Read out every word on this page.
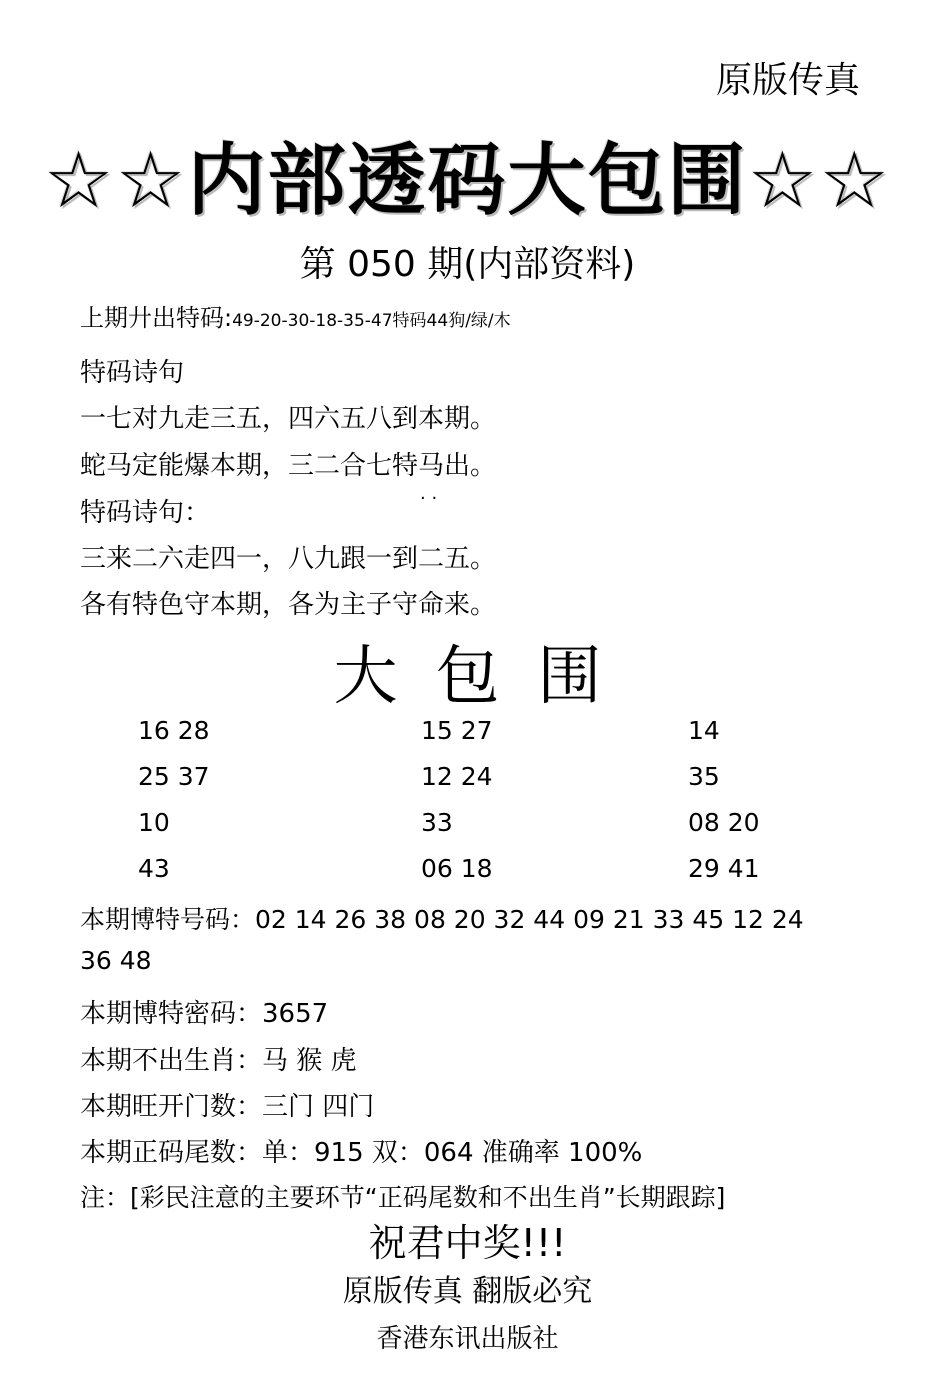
原版传真
☆☆内部透码大包围☆☆
第 050 期(内部资料)
上期廾出特码:49-20-30-18-35-47特码44狗/绿/木
特码诗句
一七对九走三五，四六五八到本期。
蛇马定能爆本期，三二合七特马出。
特码诗句：	· ·
三来二六走四一，八九跟一到二五。
各有特色守本期，各为主子守命来。
大包围
16 28
25 37
10
43
15 27
12 24
33
06 18
14
35
08 20
29 41
本期博特号码：02 14 26 38 08 20 32 44 09 21 33 45 12 24
36 48
本期博特密码：3657
本期不出生肖：马 猴 虎
本期旺开门数：三门 四门
本期正码尾数：单：915 双：064 准确率 100%
注：[彩民注意的主要环节“正码尾数和不出生肖”长期跟踪]
祝君中奖!!!
原版传真 翻版必究
香港东讯出版社
